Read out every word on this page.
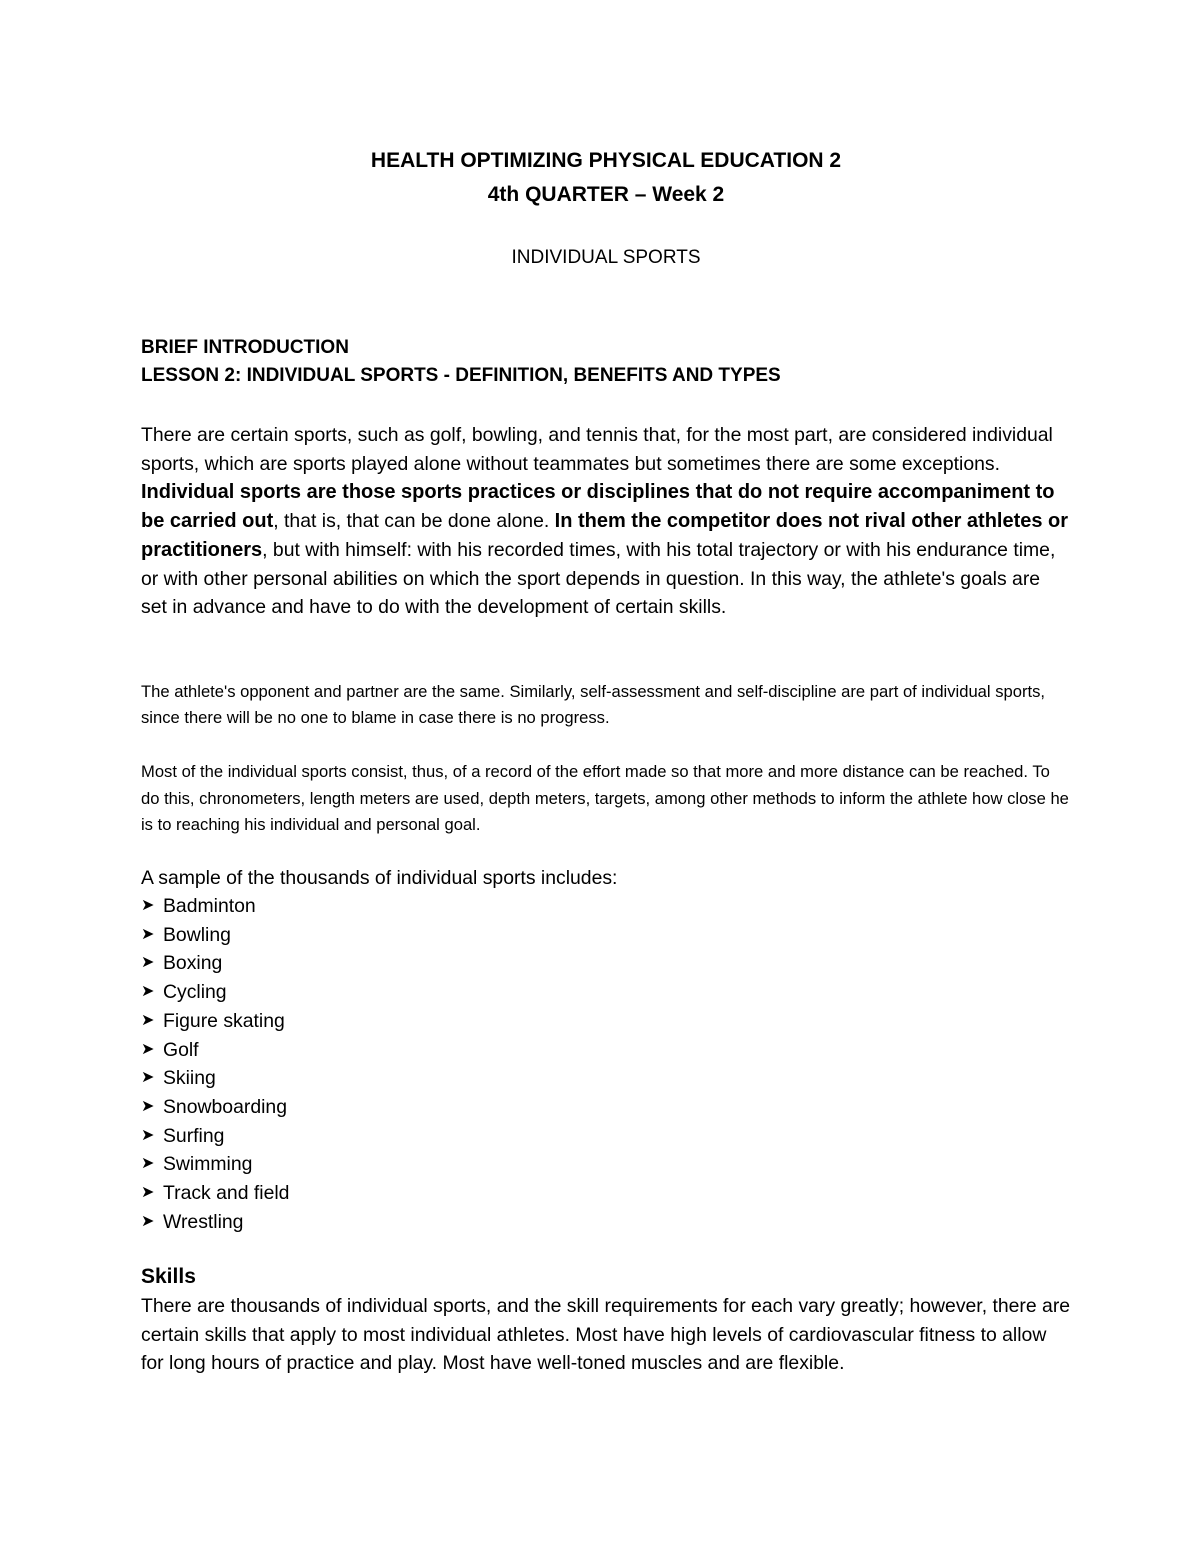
HEALTH OPTIMIZING PHYSICAL EDUCATION 2
4th QUARTER – Week 2
INDIVIDUAL SPORTS
BRIEF INTRODUCTION
LESSON 2: INDIVIDUAL SPORTS - DEFINITION, BENEFITS AND TYPES

There are certain sports, such as golf, bowling, and tennis that, for the most part, are considered individual sports, which are sports played alone without teammates but sometimes there are some exceptions. Individual sports are those sports practices or disciplines that do not require accompaniment to be carried out, that is, that can be done alone. In them the competitor does not rival other athletes or practitioners, but with himself: with his recorded times, with his total trajectory or with his endurance time, or with other personal abilities on which the sport depends in question. In this way, the athlete's goals are set in advance and have to do with the development of certain skills.

The athlete's opponent and partner are the same. Similarly, self-assessment and self-discipline are part of individual sports, since there will be no one to blame in case there is no progress.

Most of the individual sports consist, thus, of a record of the effort made so that more and more distance can be reached. To do this, chronometers, length meters are used, depth meters, targets, among other methods to inform the athlete how close he is to reaching his individual and personal goal.

A sample of the thousands of individual sports includes:
➤ Badminton
➤ Bowling
➤ Boxing
➤ Cycling
➤ Figure skating
➤ Golf
➤ Skiing
➤ Snowboarding
➤ Surfing
➤ Swimming
➤ Track and field
➤ Wrestling
Skills

There are thousands of individual sports, and the skill requirements for each vary greatly; however, there are certain skills that apply to most individual athletes. Most have high levels of cardiovascular fitness to allow for long hours of practice and play. Most have well-toned muscles and are flexible.
